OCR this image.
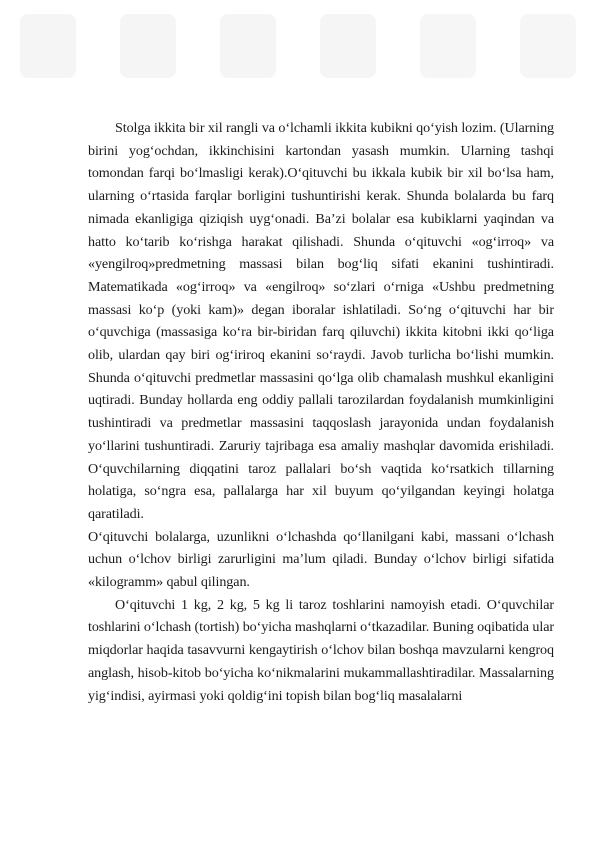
Stolga ikkita bir xil rangli va o‘lchamli ikkita kubikni qo‘yish lozim. (Ularning birini yog‘ochdan, ikkinchisini kartondan yasash mumkin. Ularning tashqi tomondan farqi bo‘lmasligi kerak).O‘qituvchi bu ikkala kubik bir xil bo‘lsa ham, ularning o‘rtasida farqlar borligini tushuntirishi kerak. Shunda bolalarda bu farq nimada ekanligiga qiziqish uyg‘onadi. Ba’zi bolalar esa kubiklarni yaqindan va hatto ko‘tarib ko‘rishga harakat qilishadi. Shunda o‘qituvchi «og‘irroq» va «yengilroq»predmetning massasi bilan bog‘liq sifati ekanini tushintiradi. Matematikada «og‘irroq» va «engilroq» so‘zlari o‘rniga «Ushbu predmetning massasi ko‘p (yoki kam)» degan iboralar ishlatiladi. So‘ng o‘qituvchi har bir o‘quvchiga (massasiga ko‘ra bir-biridan farq qiluvchi) ikkita kitobni ikki qo‘liga olib, ulardan qay biri og‘iriroq ekanini so‘raydi. Javob turlicha bo‘lishi mumkin. Shunda o‘qituvchi predmetlar massasini qo‘lga olib chamalash mushkul ekanligini uqtiradi. Bunday hollarda eng oddiy pallali tarozilardan foydalanish mumkinligini tushintiradi va predmetlar massasini taqqoslash jarayonida undan foydalanish yo‘llarini tushuntiradi. Zaruriy tajribaga esa amaliy mashqlar davomida erishiladi. O‘quvchilarning diqqatini taroz pallalari bo‘sh vaqtida ko‘rsatkich tillarning holatiga, so‘ngra esa, pallalarga har xil buyum qo‘yilgandan keyingi holatga qaratiladi.

O‘qituvchi bolalarga, uzunlikni o‘lchashda qo‘llanilgani kabi, massani o‘lchash uchun o‘lchov birligi zarurligini ma’lum qiladi. Bunday o‘lchov birligi sifatida «kilogramm» qabul qilingan.

O‘qituvchi 1 kg, 2 kg, 5 kg li taroz toshlarini namoyish etadi. O‘quvchilar toshlarini o‘lchash (tortish) bo‘yicha mashqlarni o‘tkazadilar. Buning oqibatida ular miqdorlar haqida tasavvurni kengaytirish o‘lchov bilan boshqa mavzularni kengroq anglash, hisob-kitob bo‘yicha ko‘nikmalarini mukammallashtiradilar. Massalarning yig‘indisi, ayirmasi yoki qoldig‘ini topish bilan bog‘liq masalalarni
